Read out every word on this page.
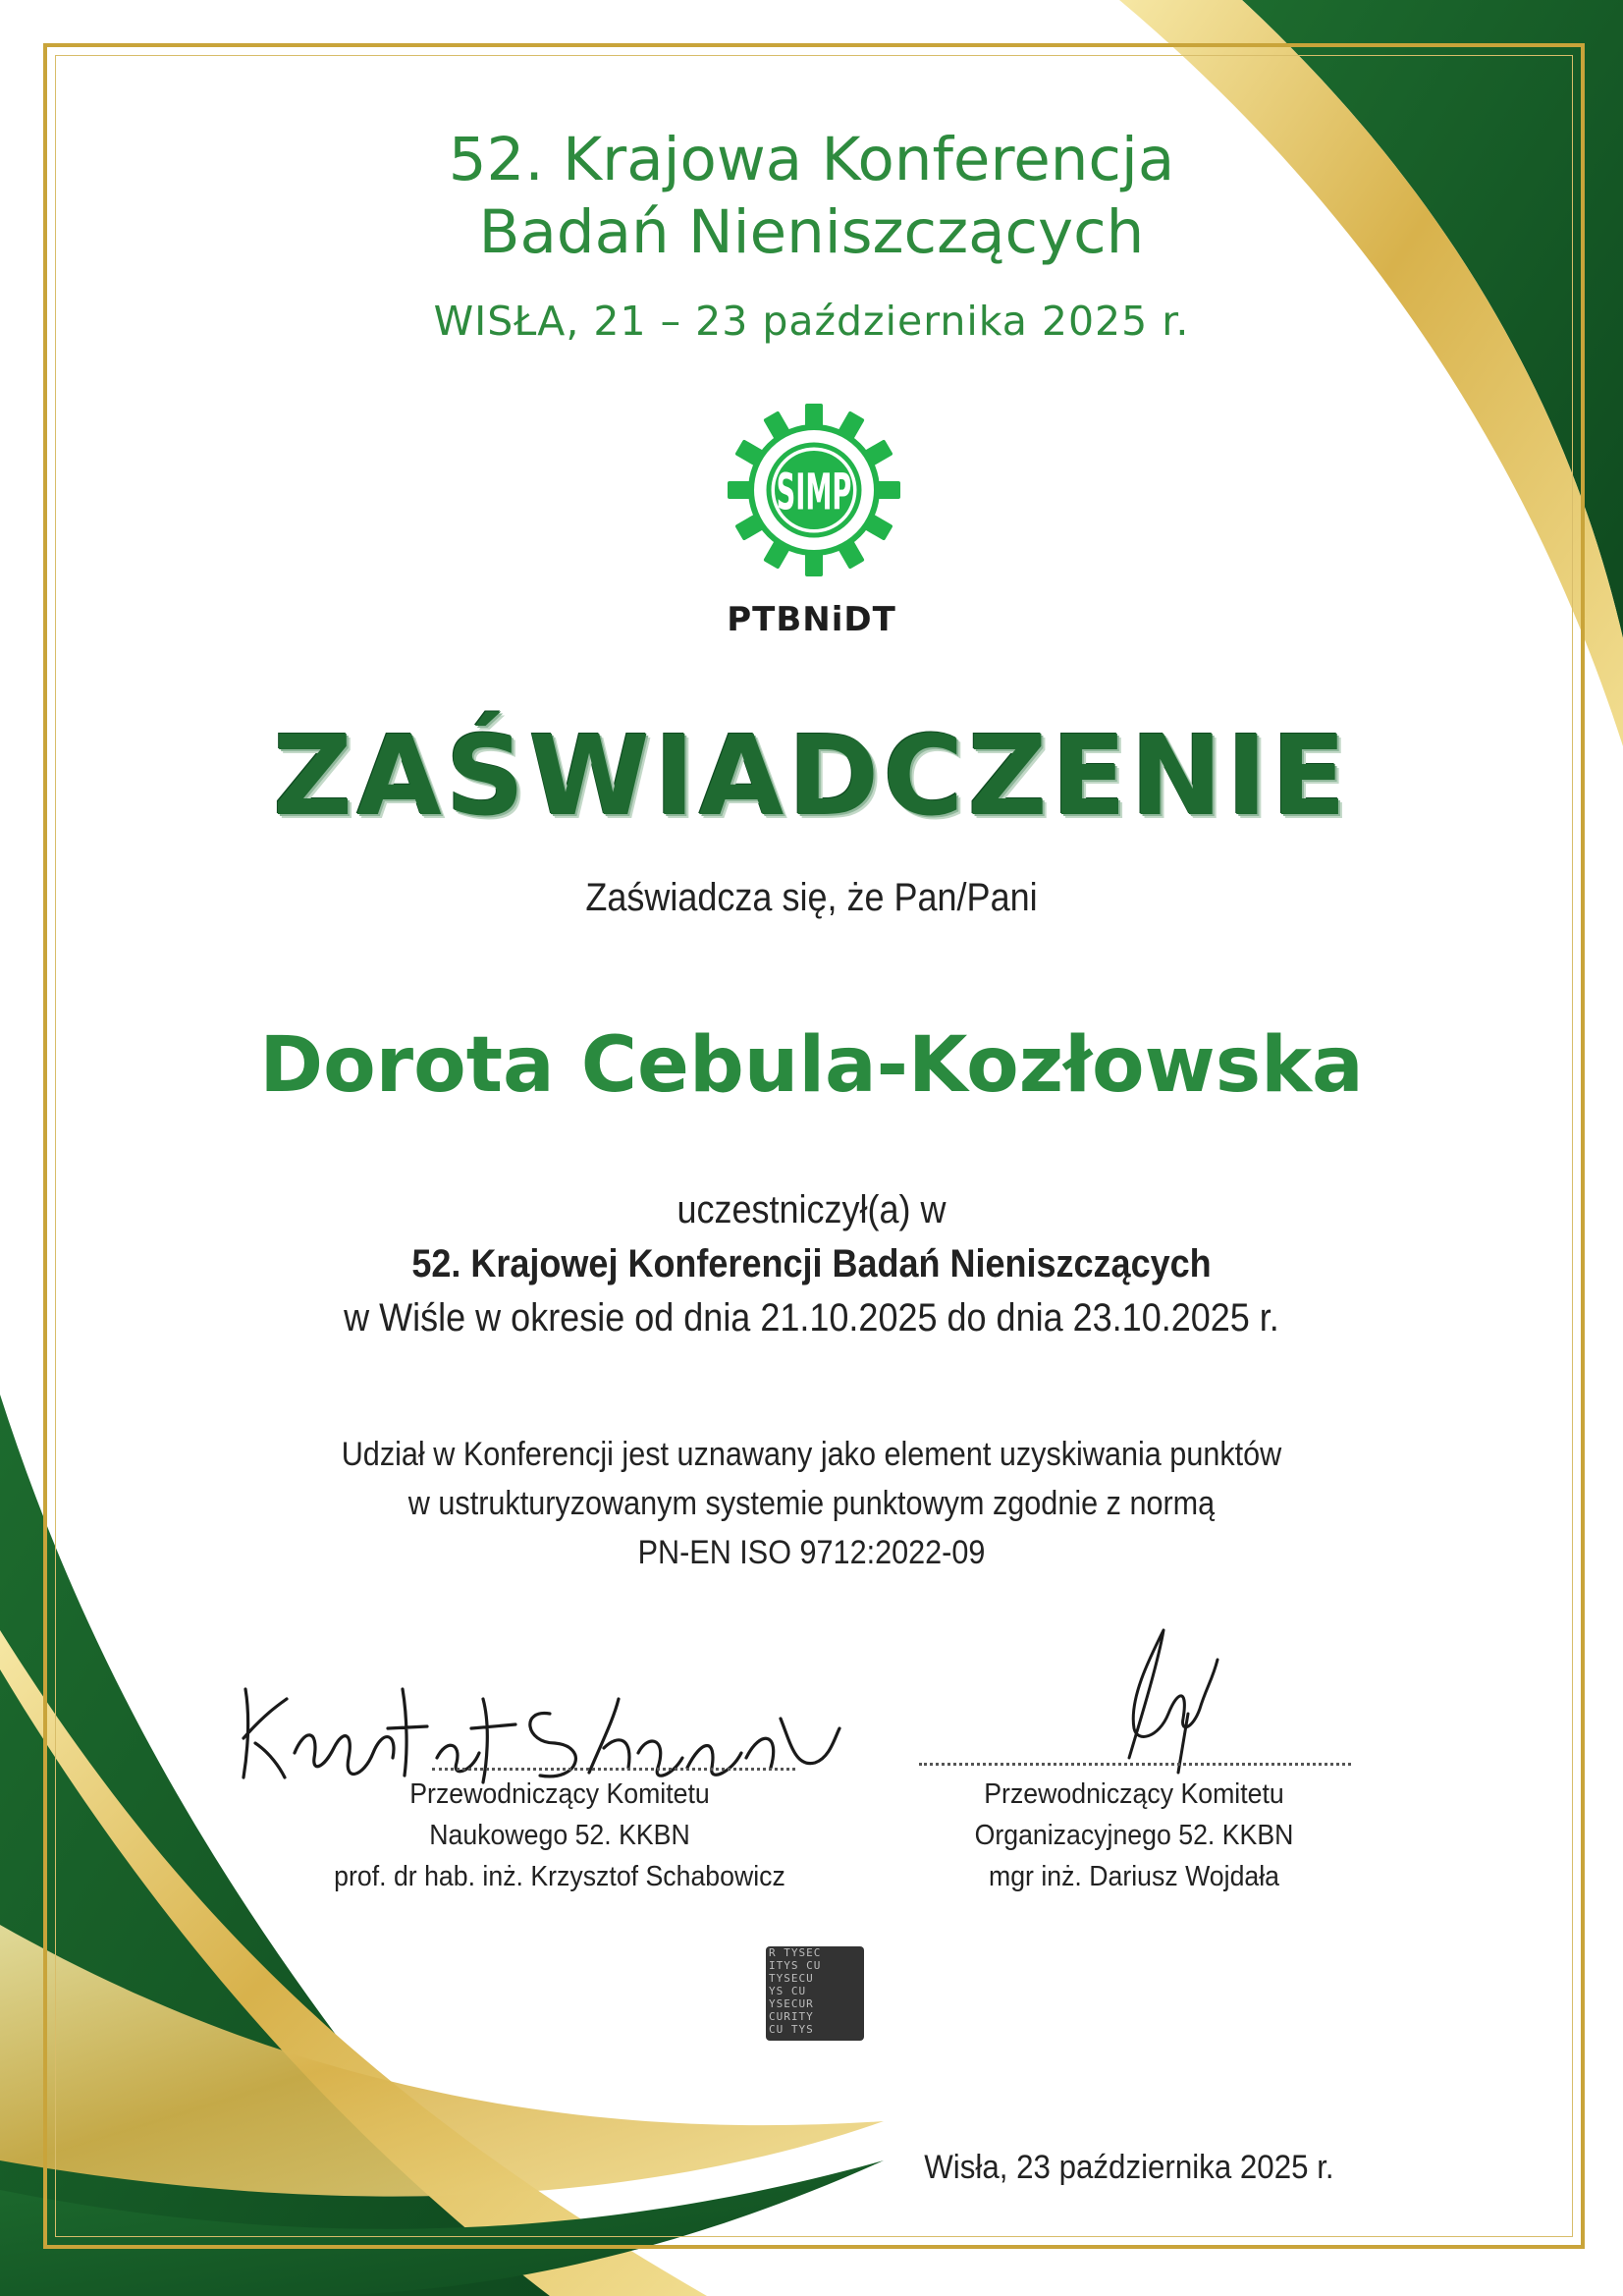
52. Krajowa Konferencja
Badań Nieniszczących
WISŁA, 21 – 23 października 2025 r.
SIMP
PTBNiDT
ZAŚWIADCZENIE
Zaświadcza się, że Pan/Pani
Dorota Cebula-Kozłowska
uczestniczył(a) w
52. Krajowej Konferencji Badań Nieniszczących
w Wiśle w okresie od dnia 21.10.2025 do dnia 23.10.2025 r.
Udział w Konferencji jest uznawany jako element uzyskiwania punktów
w ustrukturyzowanym systemie punktowym zgodnie z normą
PN-EN ISO 9712:2022-09
Przewodniczący Komitetu
Naukowego 52. KKBN
prof. dr hab. inż. Krzysztof Schabowicz
Przewodniczący Komitetu
Organizacyjnego 52. KKBN
mgr inż. Dariusz Wojdała
R TYSEC
ITYS CU
TYSECU
YS CU
YSECUR
CURITY
CU TYS
Wisła, 23 października 2025 r.
